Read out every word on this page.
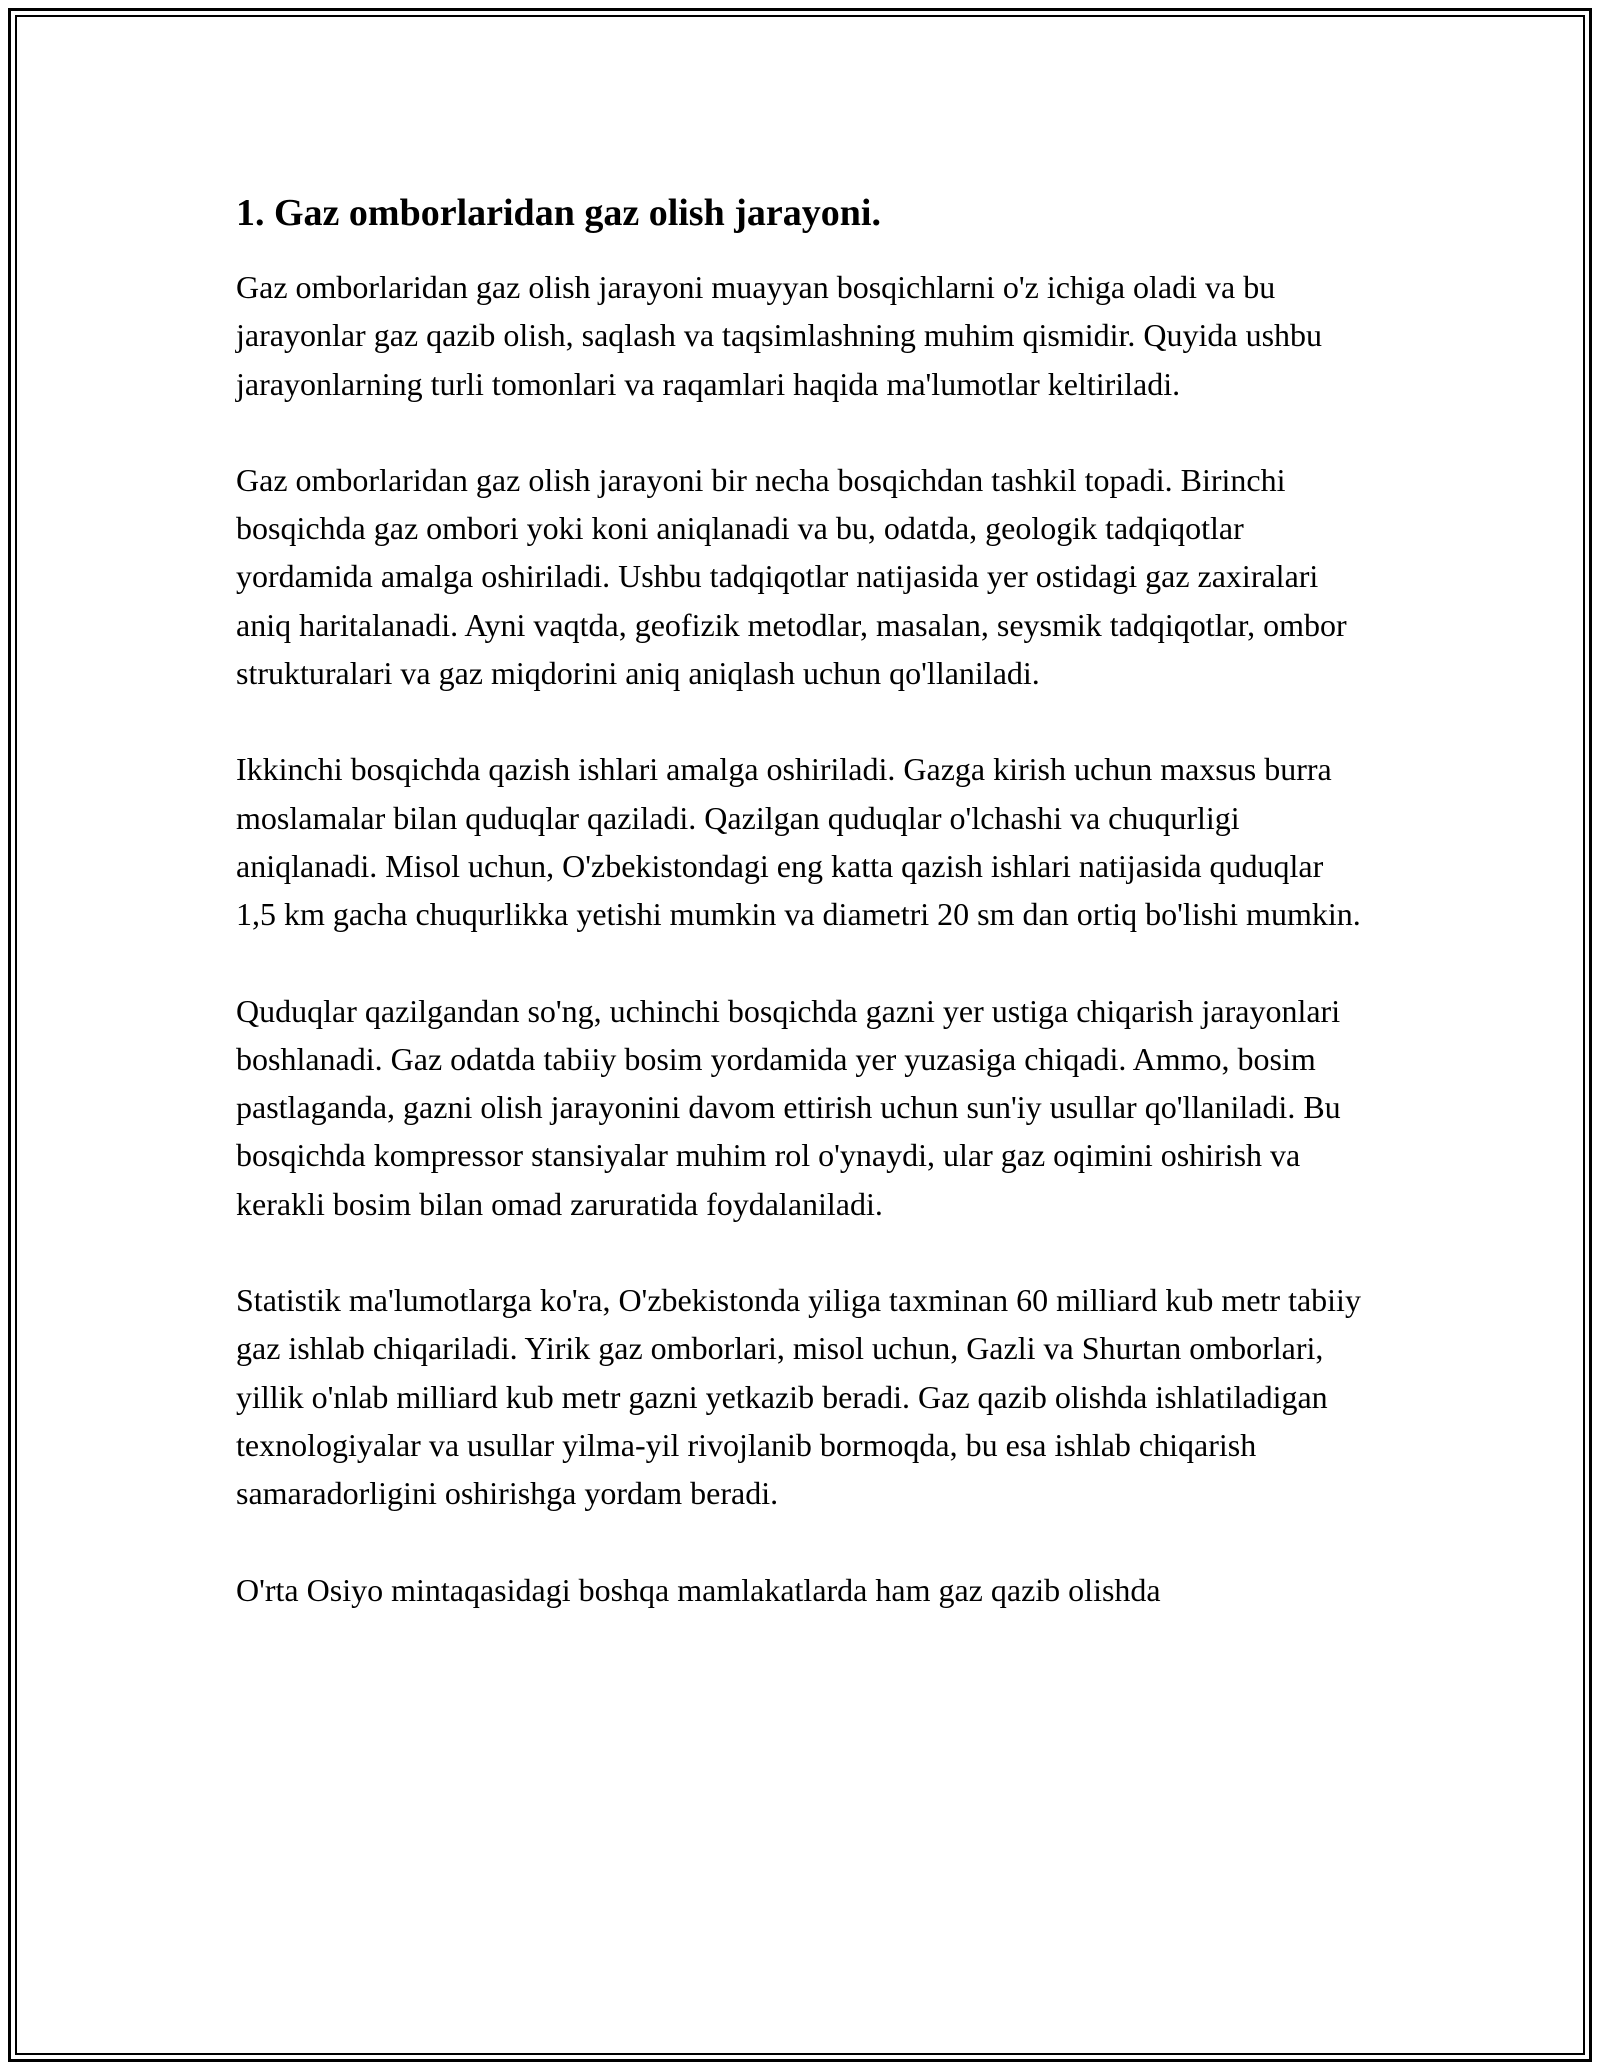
1. Gaz omborlaridan gaz olish jarayoni.

Gaz omborlaridan gaz olish jarayoni muayyan bosqichlarni o'z ichiga oladi va bu jarayonlar gaz qazib olish, saqlash va taqsimlashning muhim qismidir. Quyida ushbu jarayonlarning turli tomonlari va raqamlari haqida ma'lumotlar keltiriladi.

Gaz omborlaridan gaz olish jarayoni bir necha bosqichdan tashkil topadi. Birinchi bosqichda gaz ombori yoki koni aniqlanadi va bu, odatda, geologik tadqiqotlar yordamida amalga oshiriladi. Ushbu tadqiqotlar natijasida yer ostidagi gaz zaxiralari aniq haritalanadi. Ayni vaqtda, geofizik metodlar, masalan, seysmik tadqiqotlar, ombor strukturalari va gaz miqdorini aniq aniqlash uchun qo'llaniladi.

Ikkinchi bosqichda qazish ishlari amalga oshiriladi. Gazga kirish uchun maxsus burra moslamalar bilan quduqlar qaziladi. Qazilgan quduqlar o'lchashi va chuqurligi aniqlanadi. Misol uchun, O'zbekistondagi eng katta qazish ishlari natijasida quduqlar 1,5 km gacha chuqurlikka yetishi mumkin va diametri 20 sm dan ortiq bo'lishi mumkin.

Quduqlar qazilgandan so'ng, uchinchi bosqichda gazni yer ustiga chiqarish jarayonlari boshlanadi. Gaz odatda tabiiy bosim yordamida yer yuzasiga chiqadi. Ammo, bosim pastlaganda, gazni olish jarayonini davom ettirish uchun sun'iy usullar qo'llaniladi. Bu bosqichda kompressor stansiyalar muhim rol o'ynaydi, ular gaz oqimini oshirish va kerakli bosim bilan omad zaruratida foydalaniladi.

Statistik ma'lumotlarga ko'ra, O'zbekistonda yiliga taxminan 60 milliard kub metr tabiiy gaz ishlab chiqariladi. Yirik gaz omborlari, misol uchun, Gazli va Shurtan omborlari, yillik o'nlab milliard kub metr gazni yetkazib beradi. Gaz qazib olishda ishlatiladigan texnologiyalar va usullar yilma-yil rivojlanib bormoqda, bu esa ishlab chiqarish samaradorligini oshirishga yordam beradi.

O'rta Osiyo mintaqasidagi boshqa mamlakatlarda ham gaz qazib olishda
